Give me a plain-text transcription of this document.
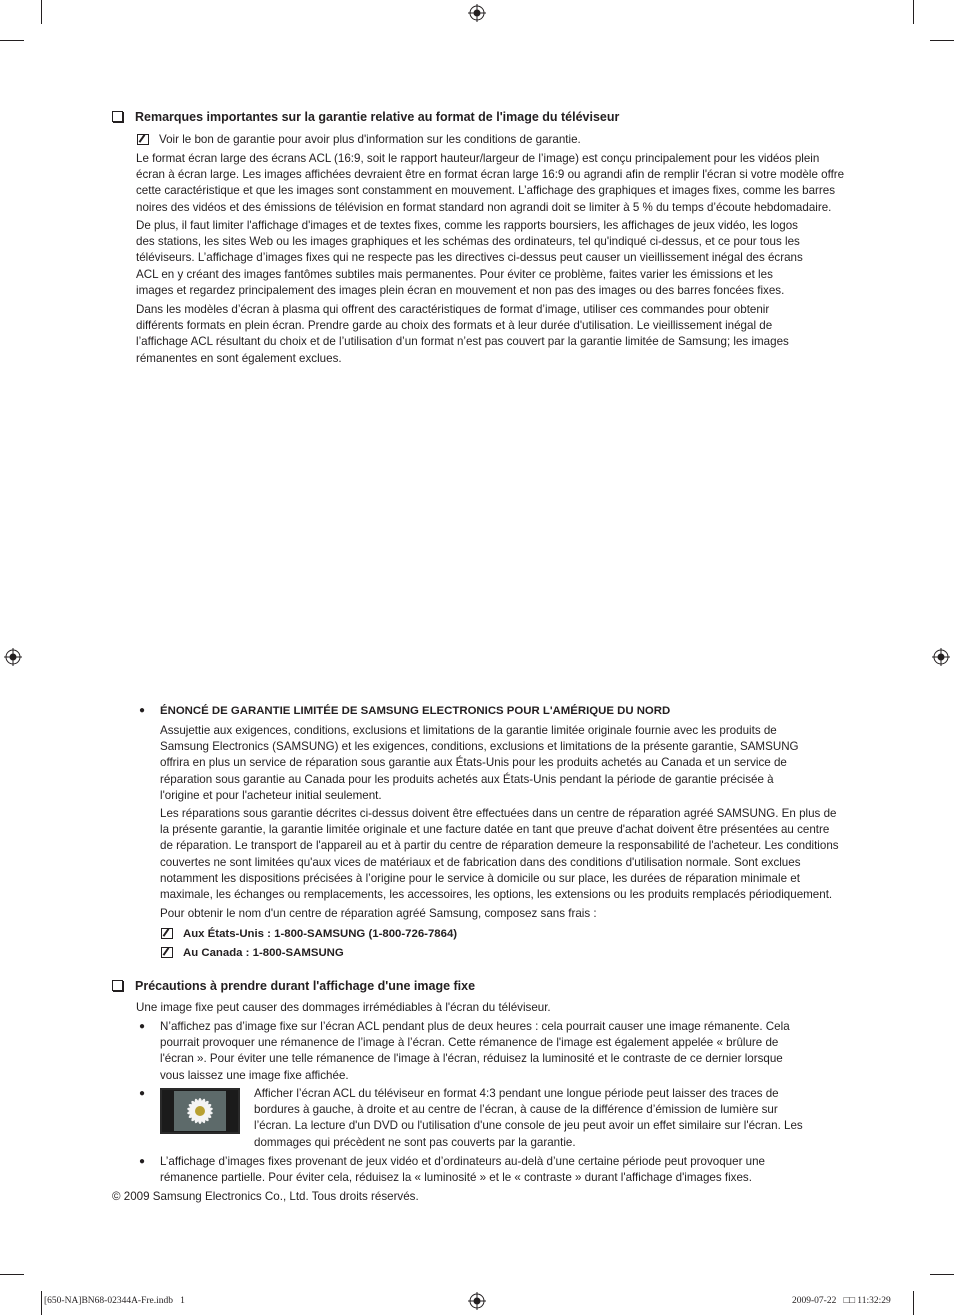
Remarques importantes sur la garantie relative au format de l'image du téléviseur
Voir le bon de garantie pour avoir plus d'information sur les conditions de garantie.

Le format écran large des écrans ACL (16:9, soit le rapport hauteur/largeur de l’image) est conçu principalement pour les vidéos plein

écran à écran large. Les images affichées devraient être en format écran large 16:9 ou agrandi afin de remplir l'écran si votre modèle offre

cette caractéristique et que les images sont constamment en mouvement. L’affichage des graphiques et images fixes, comme les barres

noires des vidéos et des émissions de télévision en format standard non agrandi doit se limiter à 5 % du temps d’écoute hebdomadaire.

De plus, il faut limiter l'affichage d'images et de textes fixes, comme les rapports boursiers, les affichages de jeux vidéo, les logos

des stations, les sites Web ou les images graphiques et les schémas des ordinateurs, tel qu'indiqué ci-dessus, et ce pour tous les

téléviseurs. L’affichage d’images fixes qui ne respecte pas les directives ci-dessus peut causer un vieillissement inégal des écrans

ACL en y créant des images fantômes subtiles mais permanentes. Pour éviter ce problème, faites varier les émissions et les

images et regardez principalement des images plein écran en mouvement et non pas des images ou des barres foncées fixes.

Dans les modèles d’écran à plasma qui offrent des caractéristiques de format d’image, utiliser ces commandes pour obtenir

différents formats en plein écran. Prendre garde au choix des formats et à leur durée d'utilisation. Le vieillissement inégal de

l’affichage ACL résultant du choix et de l’utilisation d’un format n’est pas couvert par la garantie limitée de Samsung; les images

rémanentes en sont également exclues.

● ÉNONCÉ DE GARANTIE LIMITÉE DE SAMSUNG ELECTRONICS POUR L'AMÉRIQUE DU NORD

Assujettie aux exigences, conditions, exclusions et limitations de la garantie limitée originale fournie avec les produits de

Samsung Electronics (SAMSUNG) et les exigences, conditions, exclusions et limitations de la présente garantie, SAMSUNG

offrira en plus un service de réparation sous garantie aux États-Unis pour les produits achetés au Canada et un service de

réparation sous garantie au Canada pour les produits achetés aux États-Unis pendant la période de garantie précisée à

l'origine et pour l'acheteur initial seulement.

Les réparations sous garantie décrites ci-dessus doivent être effectuées dans un centre de réparation agréé SAMSUNG. En plus de

la présente garantie, la garantie limitée originale et une facture datée en tant que preuve d'achat doivent être présentées au centre

de réparation. Le transport de l'appareil au et à partir du centre de réparation demeure la responsabilité de l'acheteur. Les conditions

couvertes ne sont limitées qu'aux vices de matériaux et de fabrication dans des conditions d'utilisation normale. Sont exclues

notamment les dispositions précisées à l’origine pour le service à domicile ou sur place, les durées de réparation minimale et

maximale, les échanges ou remplacements, les accessoires, les options, les extensions ou les produits remplacés périodiquement.

Pour obtenir le nom d'un centre de réparation agréé Samsung, composez sans frais :

Aux États-Unis : 1-800-SAMSUNG (1-800-726-7864)
Au Canada : 1-800-SAMSUNG
Précautions à prendre durant l'affichage d'une image fixe
Une image fixe peut causer des dommages irrémédiables à l'écran du téléviseur.
● N’affichez pas d’image fixe sur l’écran ACL pendant plus de deux heures : cela pourrait causer une image rémanente. Cela

pourrait provoquer une rémanence de l’image à l’écran. Cette rémanence de l'image est également appelée « brûlure de

l'écran ». Pour éviter une telle rémanence de l'image à l'écran, réduisez la luminosité et le contraste de ce dernier lorsque

vous laissez une image fixe affichée.

●	Afficher l’écran ACL du téléviseur en format 4:3 pendant une longue période peut laisser des traces de

bordures à gauche, à droite et au centre de l’écran, à cause de la différence d’émission de lumière sur

l’écran. La lecture d'un DVD ou l'utilisation d'une console de jeu peut avoir un effet similaire sur l'écran. Les

dommages qui précèdent ne sont pas couverts par la garantie.

● L’affichage d’images fixes provenant de jeux vidéo et d’ordinateurs au-delà d’une certaine période peut provoquer une

rémanence partielle. Pour éviter cela, réduisez la « luminosité » et le « contraste » durant l'affichage d'images fixes.

© 2009 Samsung Electronics Co., Ltd. Tous droits réservés.
[650-NA]BN68-02344A-Fre.indb   1	2009-07-22   □□ 11:32:29
